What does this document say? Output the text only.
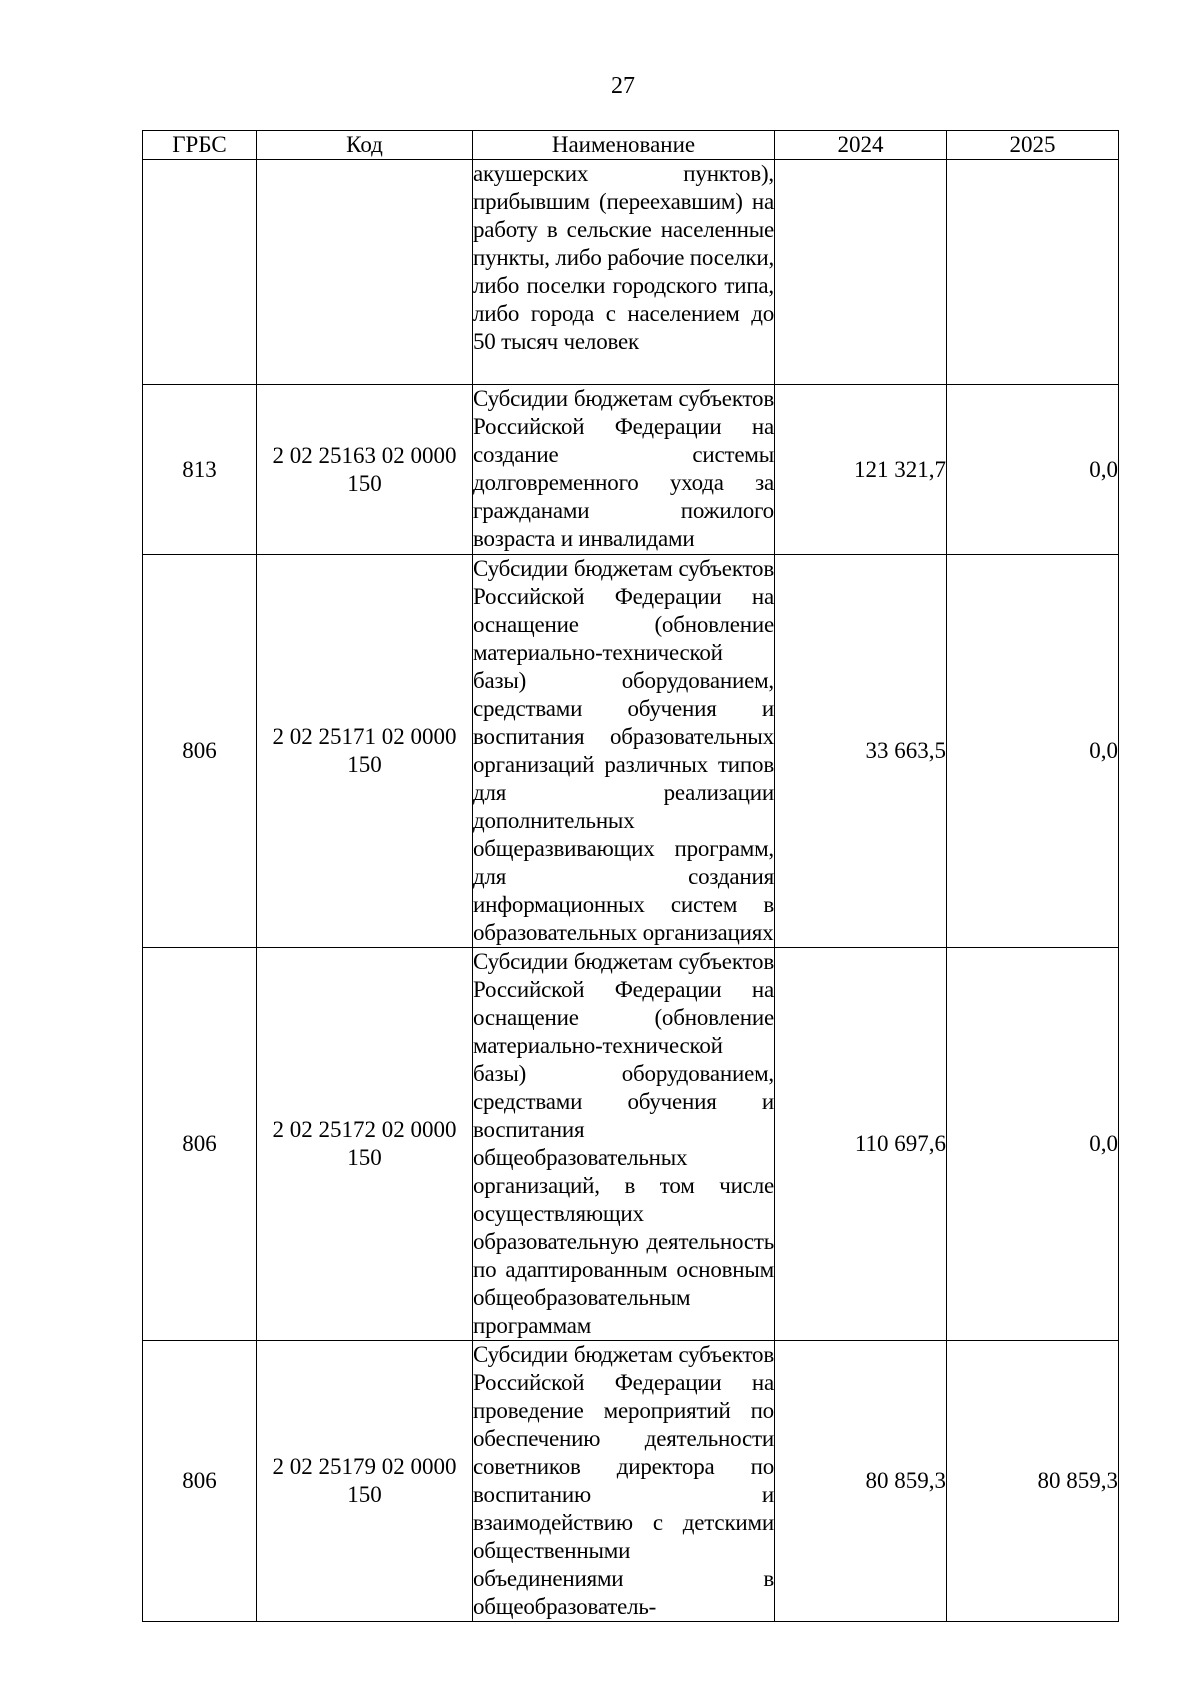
27
ГРБС	Код	Наименование	2024	2025
		акушерских пунктов), прибывшим (переехавшим) на работу в сельские населенные пункты, либо рабочие поселки, либо поселки городского типа, либо города с населением до 50 тысяч человек		
813	2 02 25163 02 0000 150	Субсидии бюджетам субъектов Российской Федерации на создание системы долговременного ухода за гражданами пожилого возраста и инвалидами	121 321,7	0,0
806	2 02 25171 02 0000 150	Субсидии бюджетам субъектов Российской Федерации на оснащение (обновление материально-технической базы) оборудованием, средствами обучения и воспитания образовательных организаций различных типов для реализации дополнительных общеразвивающих программ, для создания информационных систем в образовательных организациях	33 663,5	0,0
806	2 02 25172 02 0000 150	Субсидии бюджетам субъектов Российской Федерации на оснащение (обновление материально-технической базы) оборудованием, средствами обучения и воспитания общеобразовательных организаций, в том числе осуществляющих образовательную деятельность по адаптированным основным общеобразовательным программам	110 697,6	0,0
806	2 02 25179 02 0000 150	Субсидии бюджетам субъектов Российской Федерации на проведение мероприятий по обеспечению деятельности советников директора по воспитанию и взаимодействию с детскими общественными объединениями в общеобразователь-	80 859,3	80 859,3
